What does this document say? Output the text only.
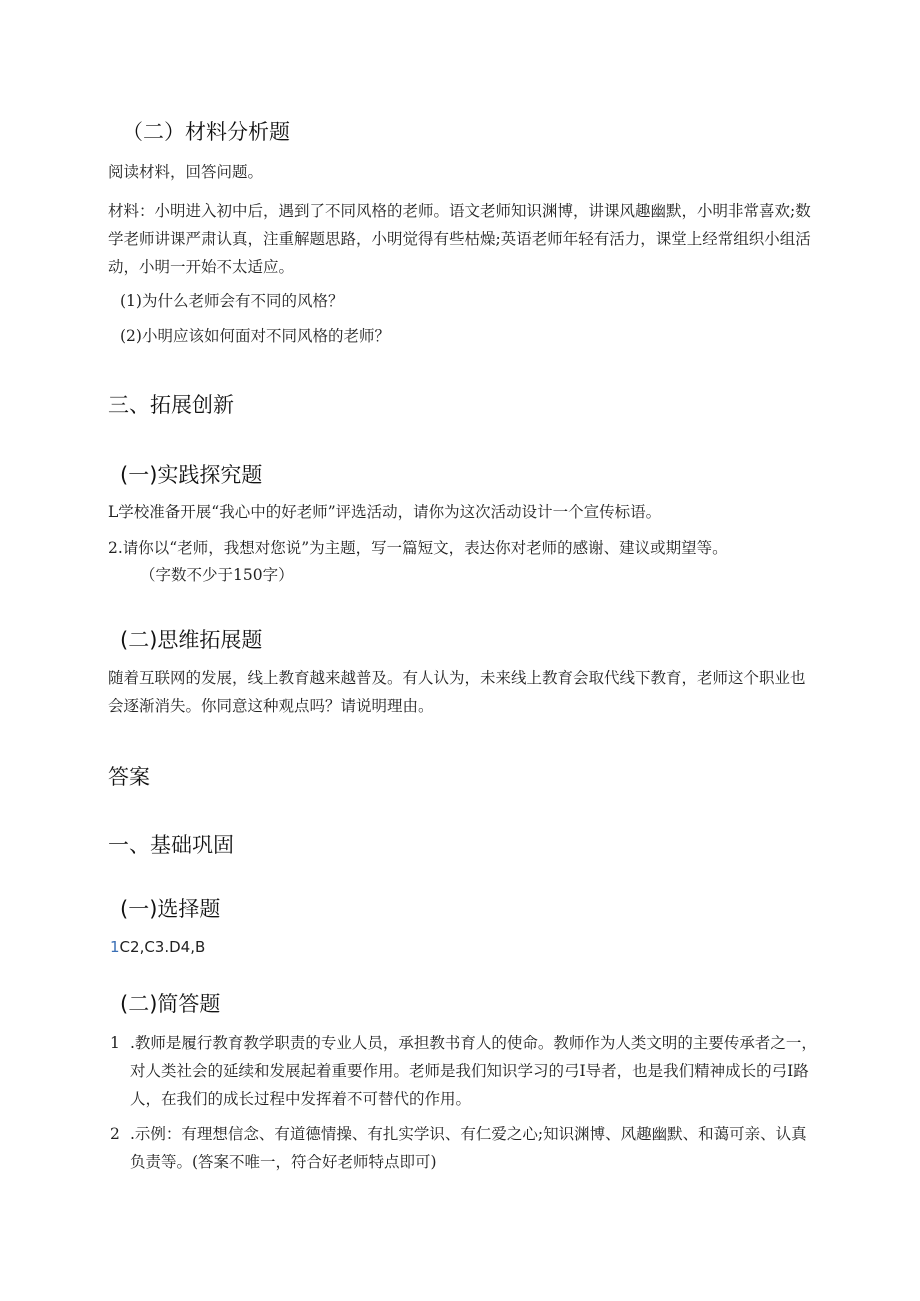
（二）材料分析题
阅读材料，回答问题。
材料：小明进入初中后，遇到了不同风格的老师。语文老师知识渊博，讲课风趣幽默，小明非常喜欢;数学老师讲课严肃认真，注重解题思路，小明觉得有些枯燥;英语老师年轻有活力，课堂上经常组织小组活动，小明一开始不太适应。
(1)为什么老师会有不同的风格？
(2)小明应该如何面对不同风格的老师？
三、拓展创新
(一)实践探究题
L学校准备开展“我心中的好老师”评选活动，请你为这次活动设计一个宣传标语。
2.请你以“老师，我想对您说”为主题，写一篇短文，表达你对老师的感谢、建议或期望等。
（字数不少于150字）
(二)思维拓展题
随着互联网的发展，线上教育越来越普及。有人认为，未来线上教育会取代线下教育，老师这个职业也会逐渐消失。你同意这种观点吗？请说明理由。
答案
一、基础巩固
(一)选择题
1C2,C3.D4,B
(二)简答题
1 .教师是履行教育教学职责的专业人员，承担教书育人的使命。教师作为人类文明的主要传承者之一，对人类社会的延续和发展起着重要作用。老师是我们知识学习的弓I导者，也是我们精神成长的弓I路人，在我们的成长过程中发挥着不可替代的作用。
2 .示例：有理想信念、有道德情操、有扎实学识、有仁爱之心;知识渊博、风趣幽默、和蔼可亲、认真负责等。(答案不唯一，符合好老师特点即可)
